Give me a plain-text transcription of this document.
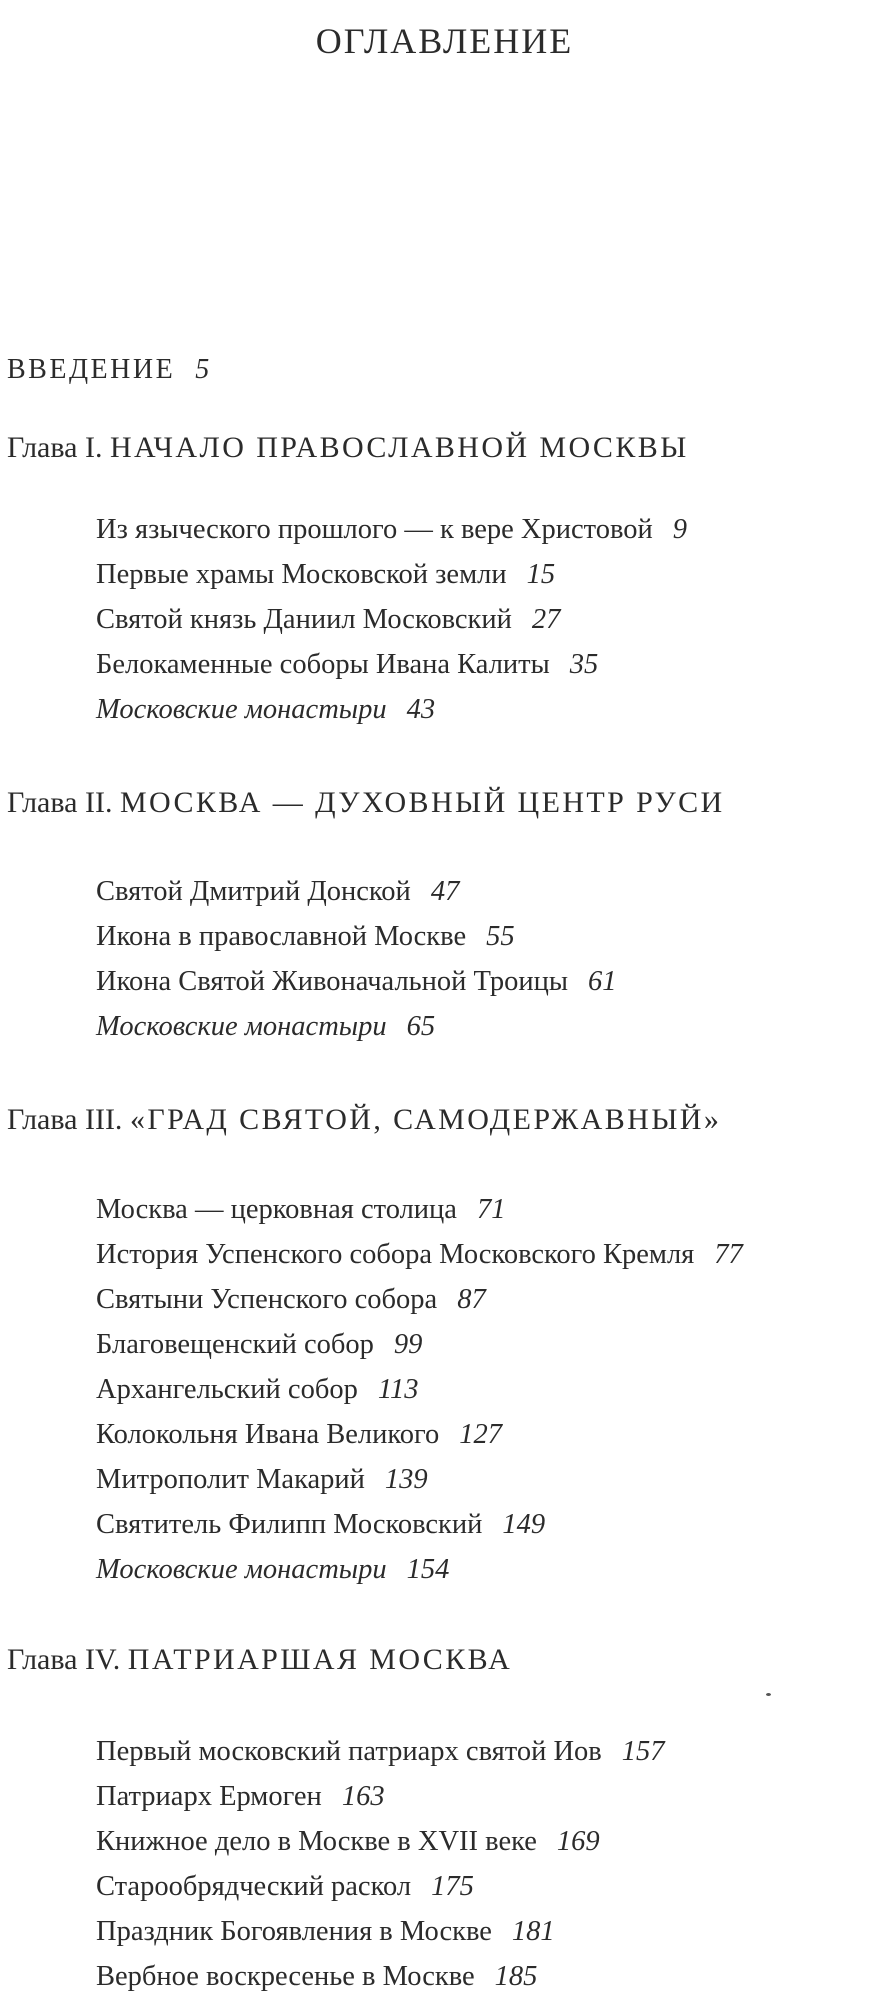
ОГЛАВЛЕНИЕ
ВВЕДЕНИЕ 5
Глава I. НАЧАЛО ПРАВОСЛАВНОЙ МОСКВЫ
Из языческого прошлого — к вере Христовой 9
Первые храмы Московской земли 15
Святой князь Даниил Московский 27
Белокаменные соборы Ивана Калиты 35
Московские монастыри 43
Глава II. МОСКВА — ДУХОВНЫЙ ЦЕНТР РУСИ
Святой Дмитрий Донской 47
Икона в православной Москве 55
Икона Святой Живоначальной Троицы 61
Московские монастыри 65
Глава III. «ГРАД СВЯТОЙ, САМОДЕРЖАВНЫЙ»
Москва — церковная столица 71
История Успенского собора Московского Кремля 77
Святыни Успенского собора 87
Благовещенский собор 99
Архангельский собор 113
Колокольня Ивана Великого 127
Митрополит Макарий 139
Святитель Филипп Московский 149
Московские монастыри 154
Глава IV. ПАТРИАРШАЯ МОСКВА
Первый московский патриарх святой Иов 157
Патриарх Ермоген 163
Книжное дело в Москве в XVII веке 169
Старообрядческий раскол 175
Праздник Богоявления в Москве 181
Вербное воскресенье в Москве 185
